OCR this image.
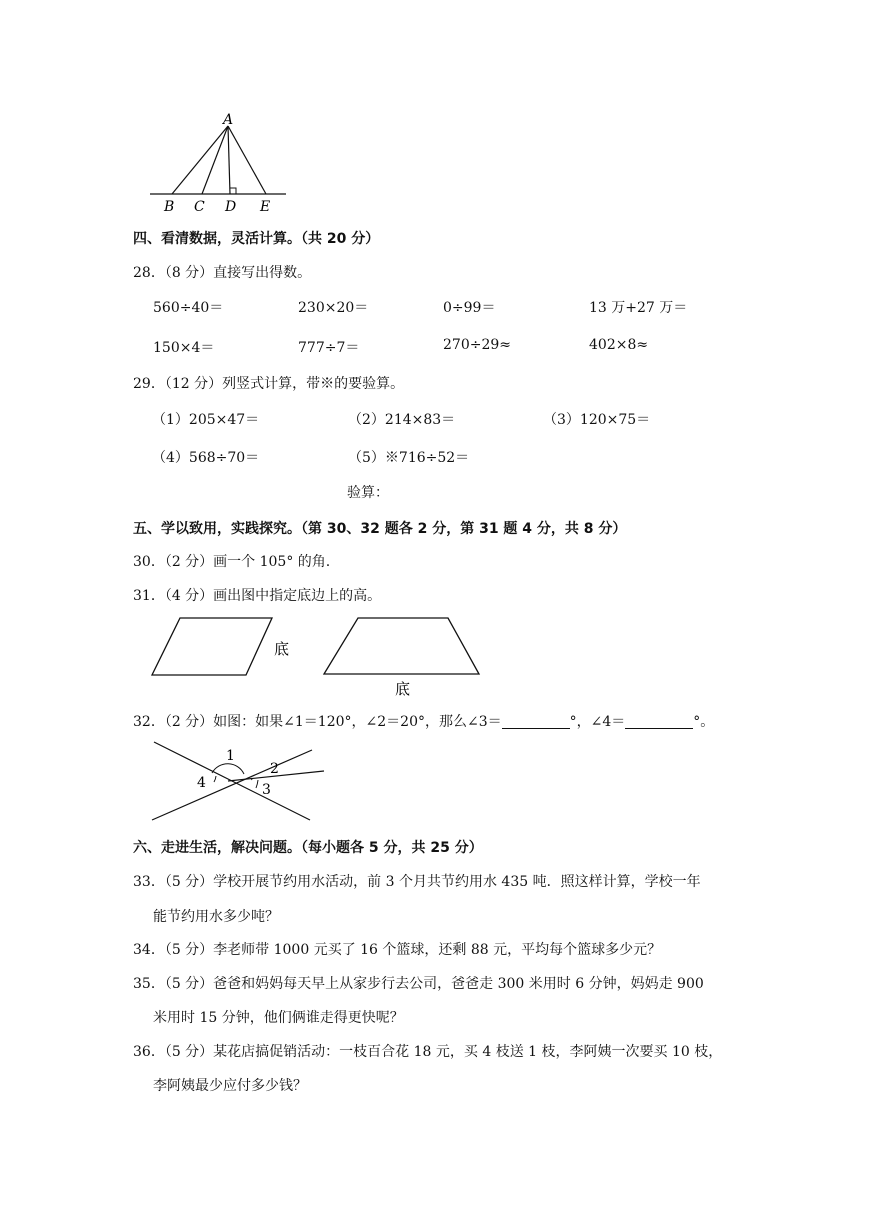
A
B C D E
四、看清数据，灵活计算。（共 20 分）
28．（8 分）直接写出得数。
560÷40＝	230×20＝	0÷99＝	13 万+27 万＝
150×4＝	777÷7＝	270÷29≈	402×8≈
29．（12 分）列竖式计算，带※的要验算。
（1）205×47＝	（2）214×83＝	（3）120×75＝
（4）568÷70＝	（5）※716÷52＝
验算：
五、学以致用，实践探究。（第 30、32 题各 2 分，第 31 题 4 分，共 8 分）
30．（2 分）画一个 105° 的角.
31．（4 分）画出图中指定底边上的高。
底
底
32．（2 分）如图：如果∠1＝120°，∠2＝20°，那么∠3＝	°，∠4＝	°。
1
2
3
4
六、走进生活，解决问题。（每小题各 5 分，共 25 分）
33．（5 分）学校开展节约用水活动，前 3 个月共节约用水 435 吨．照这样计算，学校一年
能节约用水多少吨？
34．（5 分）李老师带 1000 元买了 16 个篮球，还剩 88 元，平均每个篮球多少元？
35．（5 分）爸爸和妈妈每天早上从家步行去公司，爸爸走 300 米用时 6 分钟，妈妈走 900
米用时 15 分钟，他们俩谁走得更快呢？
36．（5 分）某花店搞促销活动：一枝百合花 18 元，买 4 枝送 1 枝，李阿姨一次要买 10 枝，
李阿姨最少应付多少钱？
